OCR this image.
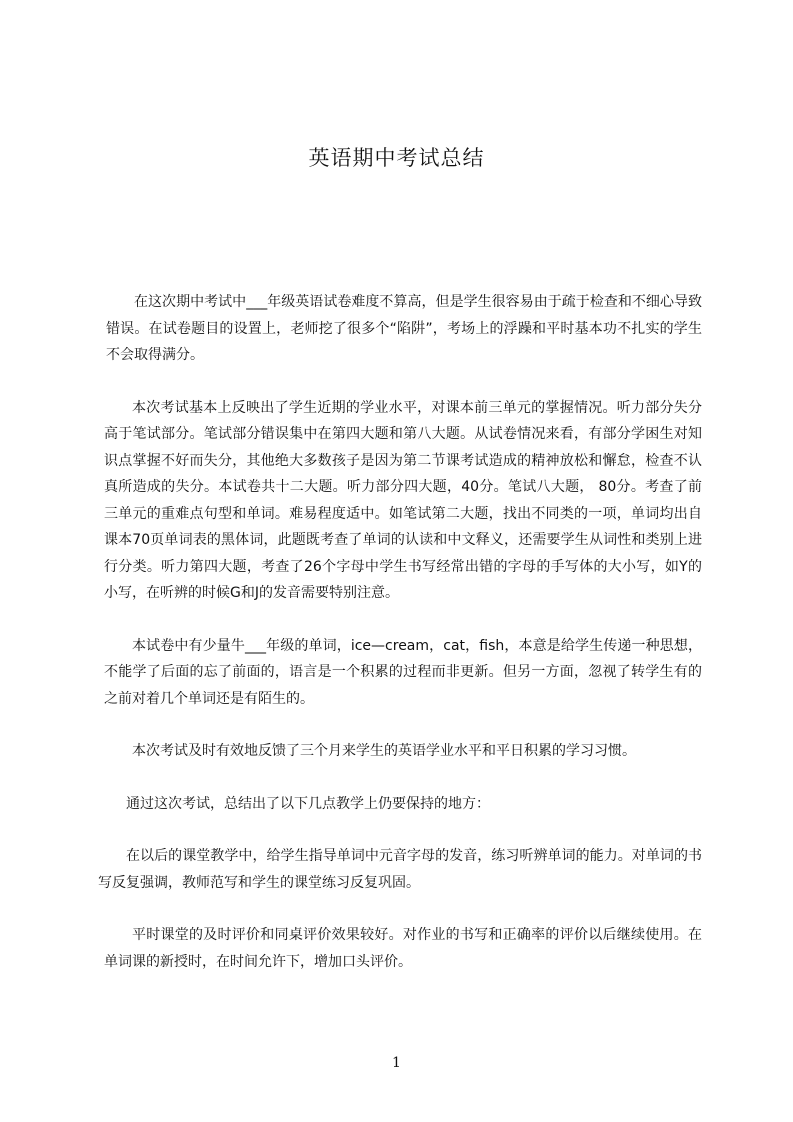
英语期中考试总结

在这次期中考试中___年级英语试卷难度不算高，但是学生很容易由于疏于检查和不细心导致错误。在试卷题目的设置上，老师挖了很多个“陷阱”，考场上的浮躁和平时基本功不扎实的学生不会取得满分。

本次考试基本上反映出了学生近期的学业水平，对课本前三单元的掌握情况。听力部分失分高于笔试部分。笔试部分错误集中在第四大题和第八大题。从试卷情况来看，有部分学困生对知识点掌握不好而失分，其他绝大多数孩子是因为第二节课考试造成的精神放松和懈怠，检查不认真所造成的失分。本试卷共十二大题。听力部分四大题，40分。笔试八大题， 80分。考查了前三单元的重难点句型和单词。难易程度适中。如笔试第二大题，找出不同类的一项，单词均出自课本70页单词表的黑体词，此题既考查了单词的认读和中文释义，还需要学生从词性和类别上进行分类。听力第四大题，考查了26个字母中学生书写经常出错的字母的手写体的大小写，如Y的小写，在听辨的时候G和J的发音需要特别注意。

本试卷中有少量牛___年级的单词，ice—cream，cat，fish，本意是给学生传递一种思想，不能学了后面的忘了前面的，语言是一个积累的过程而非更新。但另一方面，忽视了转学生有的之前对着几个单词还是有陌生的。

本次考试及时有效地反馈了三个月来学生的英语学业水平和平日积累的学习习惯。

通过这次考试，总结出了以下几点教学上仍要保持的地方：

在以后的课堂教学中，给学生指导单词中元音字母的发音，练习听辨单词的能力。对单词的书写反复强调，教师范写和学生的课堂练习反复巩固。

平时课堂的及时评价和同桌评价效果较好。对作业的书写和正确率的评价以后继续使用。在单词课的新授时，在时间允许下，增加口头评价。

1
